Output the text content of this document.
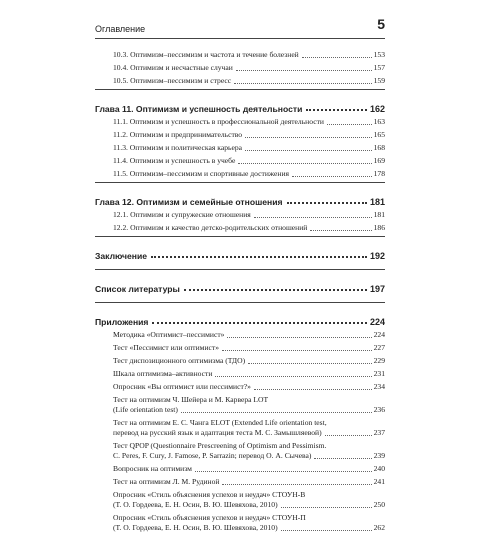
Оглавление	5
10.3. Оптимизм–пессимизм и частота и течение болезней	153
10.4. Оптимизм и несчастные случаи	157
10.5. Оптимизм–пессимизм и стресс	159
Глава 11. Оптимизм и успешность деятельности	162
11.1. Оптимизм и успешность в профессиональной деятельности	163
11.2. Оптимизм и предпринимательство	165
11.3. Оптимизм и политическая карьера	168
11.4. Оптимизм и успешность в учебе	169
11.5. Оптимизм–пессимизм и спортивные достижения	178
Глава 12. Оптимизм и семейные отношения	181
12.1. Оптимизм и супружеские отношения	181
12.2. Оптимизм и качество детско-родительских отношений	186
Заключение	192
Список литературы	197
Приложения	224
Методика «Оптимист–пессимист»	224
Тест «Пессимист или оптимист»	227
Тест диспозиционного оптимизма (ТДО)	229
Шкала оптимизма–активности	231
Опросник «Вы оптимист или пессимист?»	234
Тест на оптимизм Ч. Шейера и М. Карвера LOT
(Life orientation test)	236
Тест на оптимизм Е. С. Чанга ELOT (Extended Life orientation test,
перевод на русский язык и адаптация теста М. С. Замышляевой)	237
Тест QPOP (Questionnaire Prescreening of Optimism and Pessimism.
C. Peres, F. Cury, J. Famose, P. Sarrazin; перевод О. А. Сычева)	239
Вопросник на оптимизм	240
Тест на оптимизм Л. М. Рудиной	241
Опросник «Стиль объяснения успехов и неудач» СТОУН-В
(Т. О. Гордеева, Е. Н. Осин, В. Ю. Шевяхова, 2010)	250
Опросник «Стиль объяснения успехов и неудач» СТОУН-П
(Т. О. Гордеева, Е. Н. Осин, В. Ю. Шевяхова, 2010)	262
